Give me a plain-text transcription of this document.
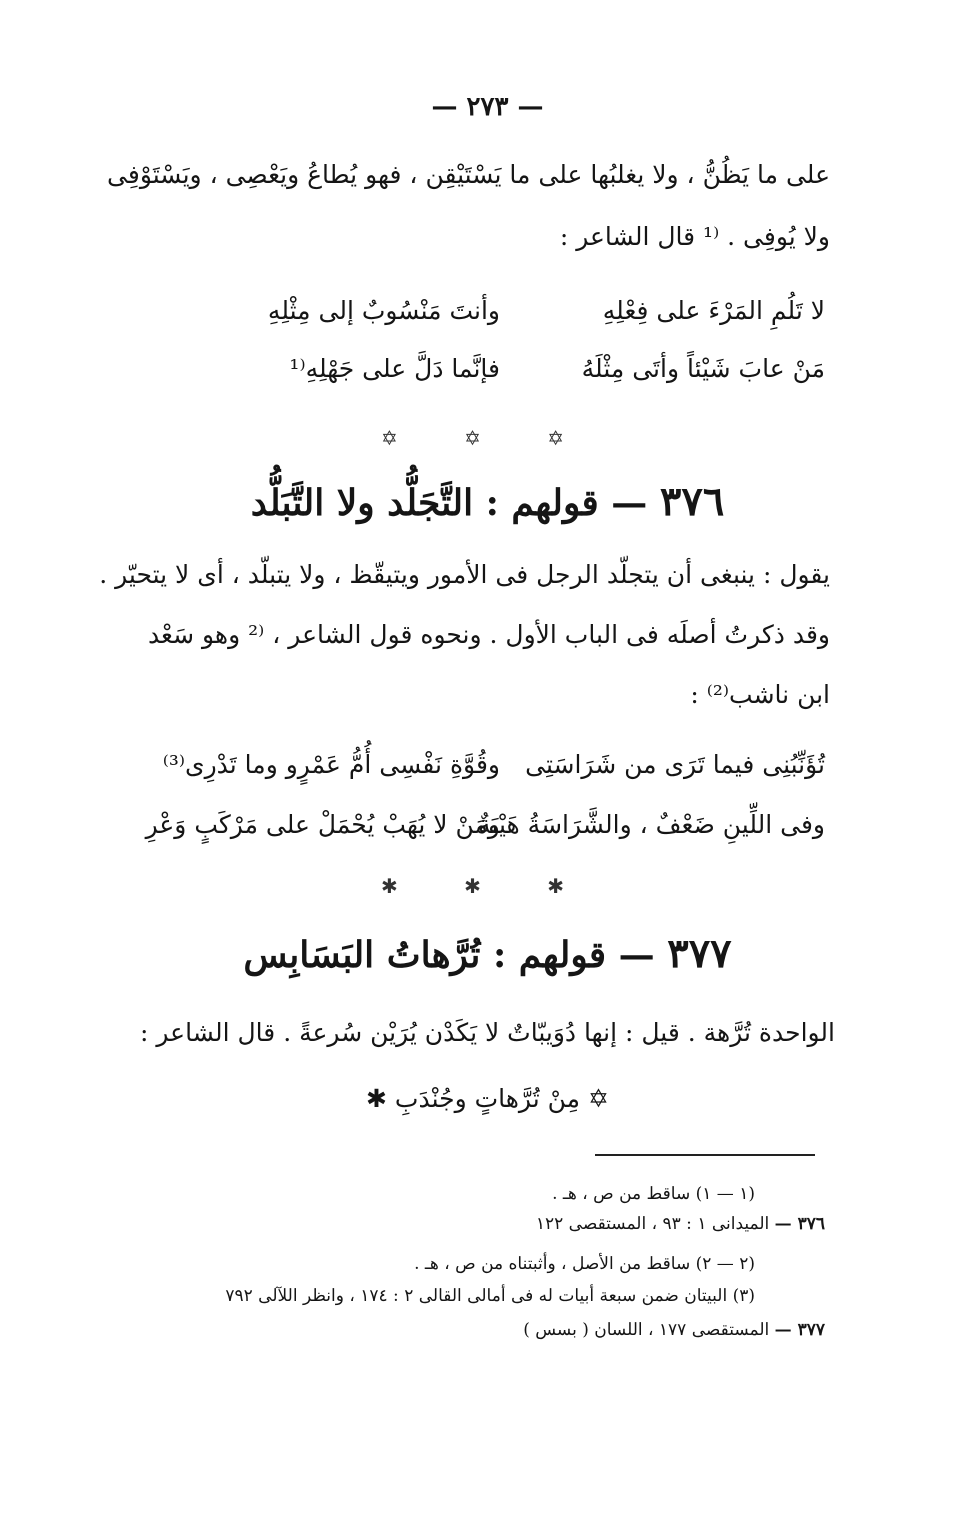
— ٢٧٣ —
على ما يَظُنُّ ، ولا يغلبُها على ما يَسْتَيْقِن ، فهو يُطاعُ ويَعْصِى ، ويَسْتَوْفِى
ولا يُوفِى . ⁽¹ قال الشاعر :
لا تَلُمِ المَرْءَ على فِعْلِهِ
وأنتَ مَنْسُوبٌ إلى مِثْلِهِ
مَنْ عابَ شَيْئاً وأتَى مِثْلَهُ
فإنَّما دَلَّ على جَهْلِهِ⁽¹
✡ ✡ ✡
٣٧٦ — قولهم : التَّجَلُّد ولا التَّبَلُّد
يقول : ينبغى أن يتجلّد الرجل فى الأمور ويتيقّظ ، ولا يتبلّد ، أى لا يتحيّر .
وقد ذكرتُ أصلَه فى الباب الأول . ونحوه قول الشاعر ، ⁽² وهو سَعْد
ابن ناشب⁽²⁾ :
تُؤَنِّبُنِى فيما تَرَى من شَرَاسَتِى
وقُوَّةِ نَفْسِى أُمُّ عَمْرٍو وما تَدْرِى⁽³⁾
وفى اللِّينِ ضَعْفٌ ، والشَّرَاسَةُ هَيْبَةٌ
ومَنْ لا يُهَبْ يُحْمَلْ على مَرْكَبٍ وَعْرِ
✱ ✱ ✱
٣٧٧ — قولهم : تُرَّهاتُ البَسَابِس
الواحدة تُرَّهة . قيل : إنها دُوَيبّاتٌ لا يَكَدْن يُرَيْن سُرعةً . قال الشاعر :
✡ مِنْ تُرَّهاتٍ وجُنْدَبِ ✱
(١ — ١) ساقط من ص ، هـ .
٣٧٦ — الميدانى ١ : ٩٣ ، المستقصى ١٢٢
(٢ — ٢) ساقط من الأصل ، وأثبتناه من ص ، هـ .
(٣) البيتان ضمن سبعة أبيات له فى أمالى القالى ٢ : ١٧٤ ، وانظر اللآلى ٧٩٢
٣٧٧ — المستقصى ١٧٧ ، اللسان ( بسس )
